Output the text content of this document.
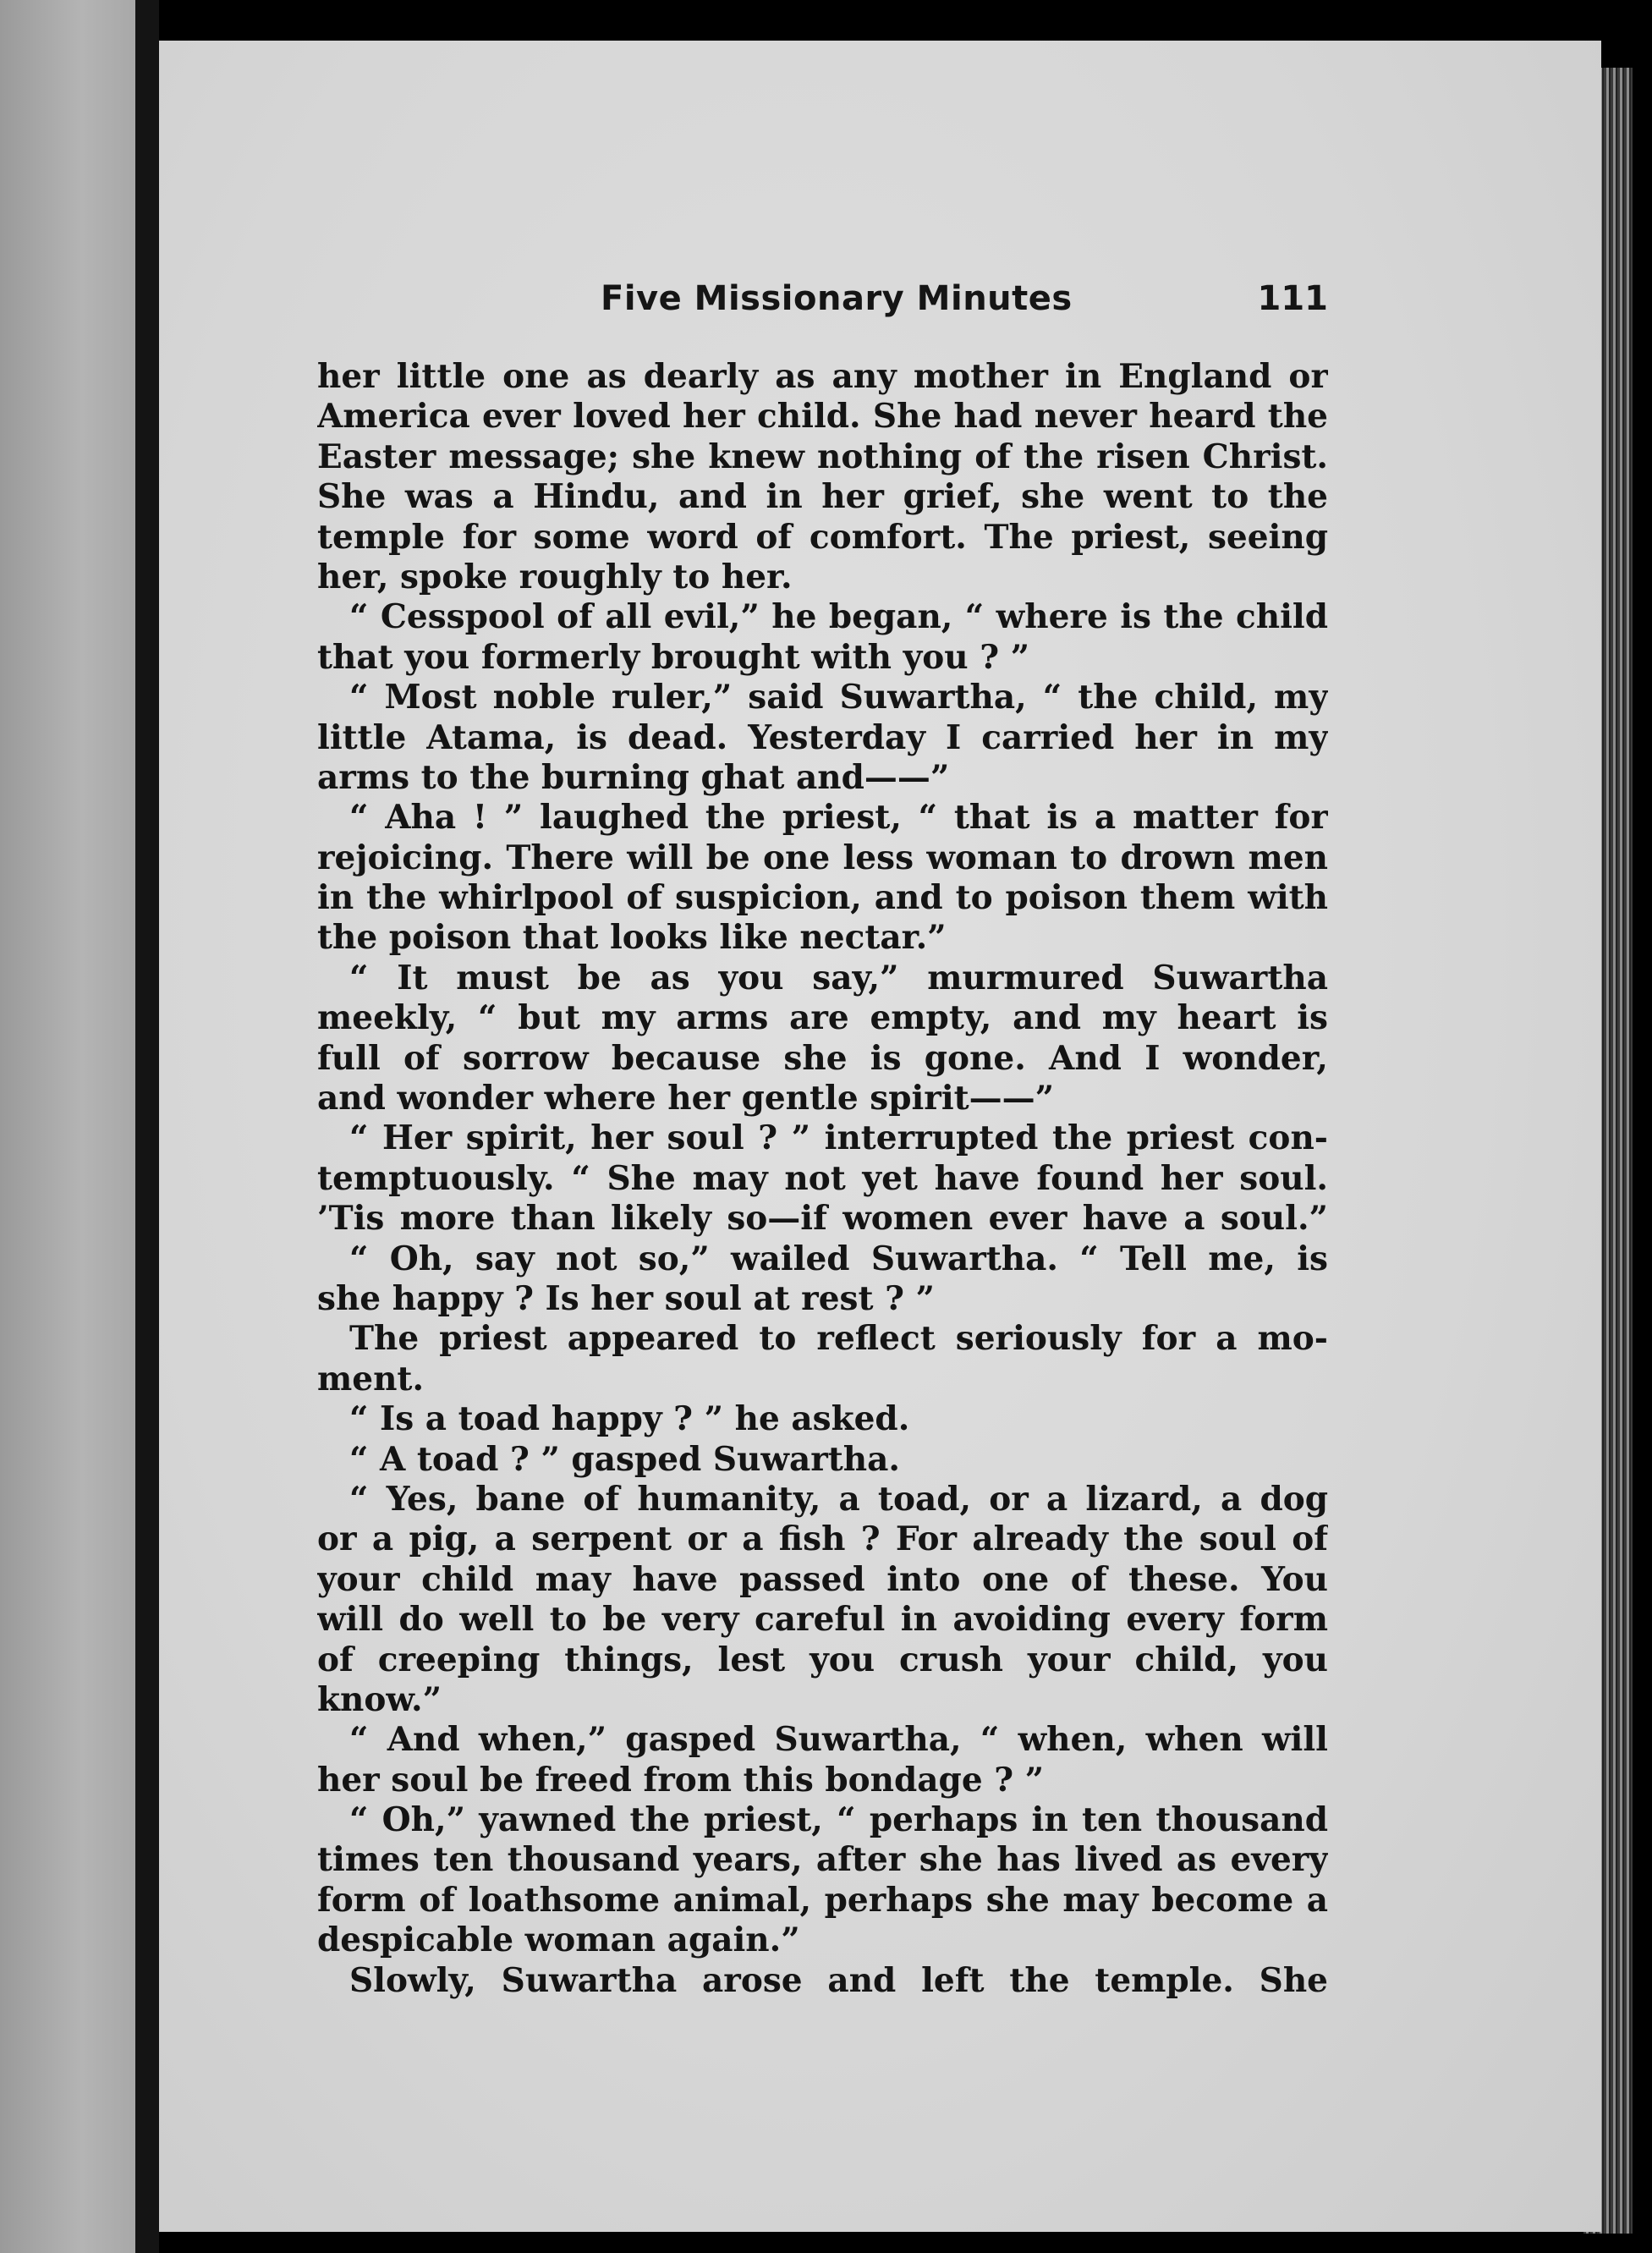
Five Missionary Minutes	111
her little one as dearly as any mother in England or
America ever loved her child. She had never heard the
Easter message; she knew nothing of the risen Christ.
She was a Hindu, and in her grief, she went to the
temple for some word of comfort. The priest, seeing
her, spoke roughly to her.
“ Cesspool of all evil,” he began, “ where is the child
that you formerly brought with you ? ”
“ Most noble ruler,” said Suwartha, “ the child, my
little Atama, is dead. Yesterday I carried her in my
arms to the burning ghat and——”
“ Aha ! ” laughed the priest, “ that is a matter for
rejoicing. There will be one less woman to drown men
in the whirlpool of suspicion, and to poison them with
the poison that looks like nectar.”
“ It must be as you say,” murmured Suwartha
meekly, “ but my arms are empty, and my heart is
full of sorrow because she is gone. And I wonder,
and wonder where her gentle spirit——”
“ Her spirit, her soul ? ” interrupted the priest con-
temptuously. “ She may not yet have found her soul.
’Tis more than likely so—if women ever have a soul.”
“ Oh, say not so,” wailed Suwartha. “ Tell me, is
she happy ? Is her soul at rest ? ”
The priest appeared to reflect seriously for a mo-
ment.
“ Is a toad happy ? ” he asked.
“ A toad ? ” gasped Suwartha.
“ Yes, bane of humanity, a toad, or a lizard, a dog
or a pig, a serpent or a fish ? For already the soul of
your child may have passed into one of these. You
will do well to be very careful in avoiding every form
of creeping things, lest you crush your child, you
know.”
“ And when,” gasped Suwartha, “ when, when will
her soul be freed from this bondage ? ”
“ Oh,” yawned the priest, “ perhaps in ten thousand
times ten thousand years, after she has lived as every
form of loathsome animal, perhaps she may become a
despicable woman again.”
Slowly, Suwartha arose and left the temple. She
